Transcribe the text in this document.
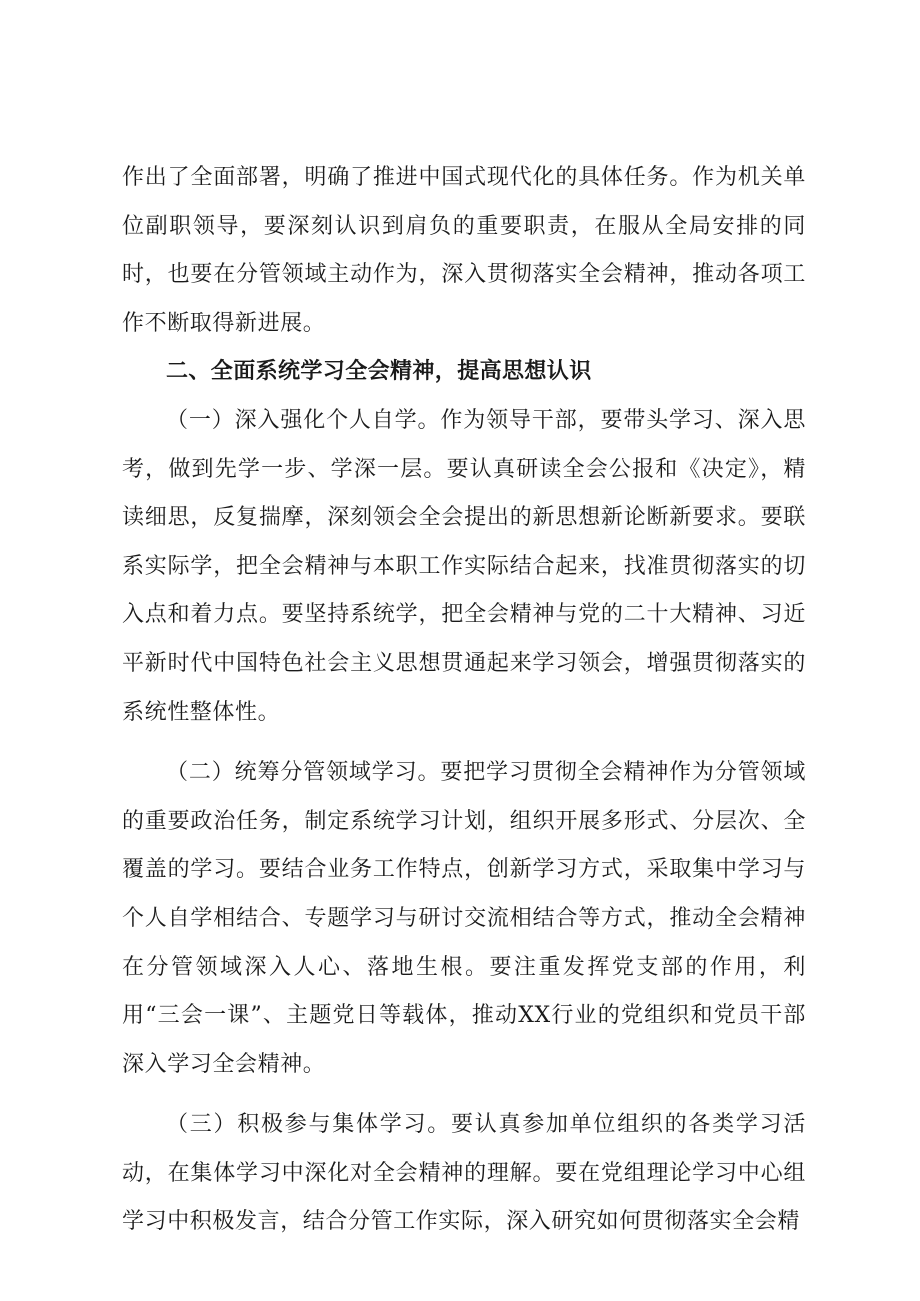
作出了全面部署，明确了推进中国式现代化的具体任务。作为机关单位副职领导，要深刻认识到肩负的重要职责，在服从全局安排的同时，也要在分管领域主动作为，深入贯彻落实全会精神，推动各项工作不断取得新进展。

二、全面系统学习全会精神，提高思想认识

（一）深入强化个人自学。作为领导干部，要带头学习、深入思考，做到先学一步、学深一层。要认真研读全会公报和《决定》，精读细思，反复揣摩，深刻领会全会提出的新思想新论断新要求。要联系实际学，把全会精神与本职工作实际结合起来，找准贯彻落实的切入点和着力点。要坚持系统学，把全会精神与党的二十大精神、习近平新时代中国特色社会主义思想贯通起来学习领会，增强贯彻落实的系统性整体性。

（二）统筹分管领域学习。要把学习贯彻全会精神作为分管领域的重要政治任务，制定系统学习计划，组织开展多形式、分层次、全覆盖的学习。要结合业务工作特点，创新学习方式，采取集中学习与个人自学相结合、专题学习与研讨交流相结合等方式，推动全会精神在分管领域深入人心、落地生根。要注重发挥党支部的作用，利用“三会一课”、主题党日等载体，推动XX行业的党组织和党员干部深入学习全会精神。

（三）积极参与集体学习。要认真参加单位组织的各类学习活动，在集体学习中深化对全会精神的理解。要在党组理论学习中心组学习中积极发言，结合分管工作实际，深入研究如何贯彻落实全会精
